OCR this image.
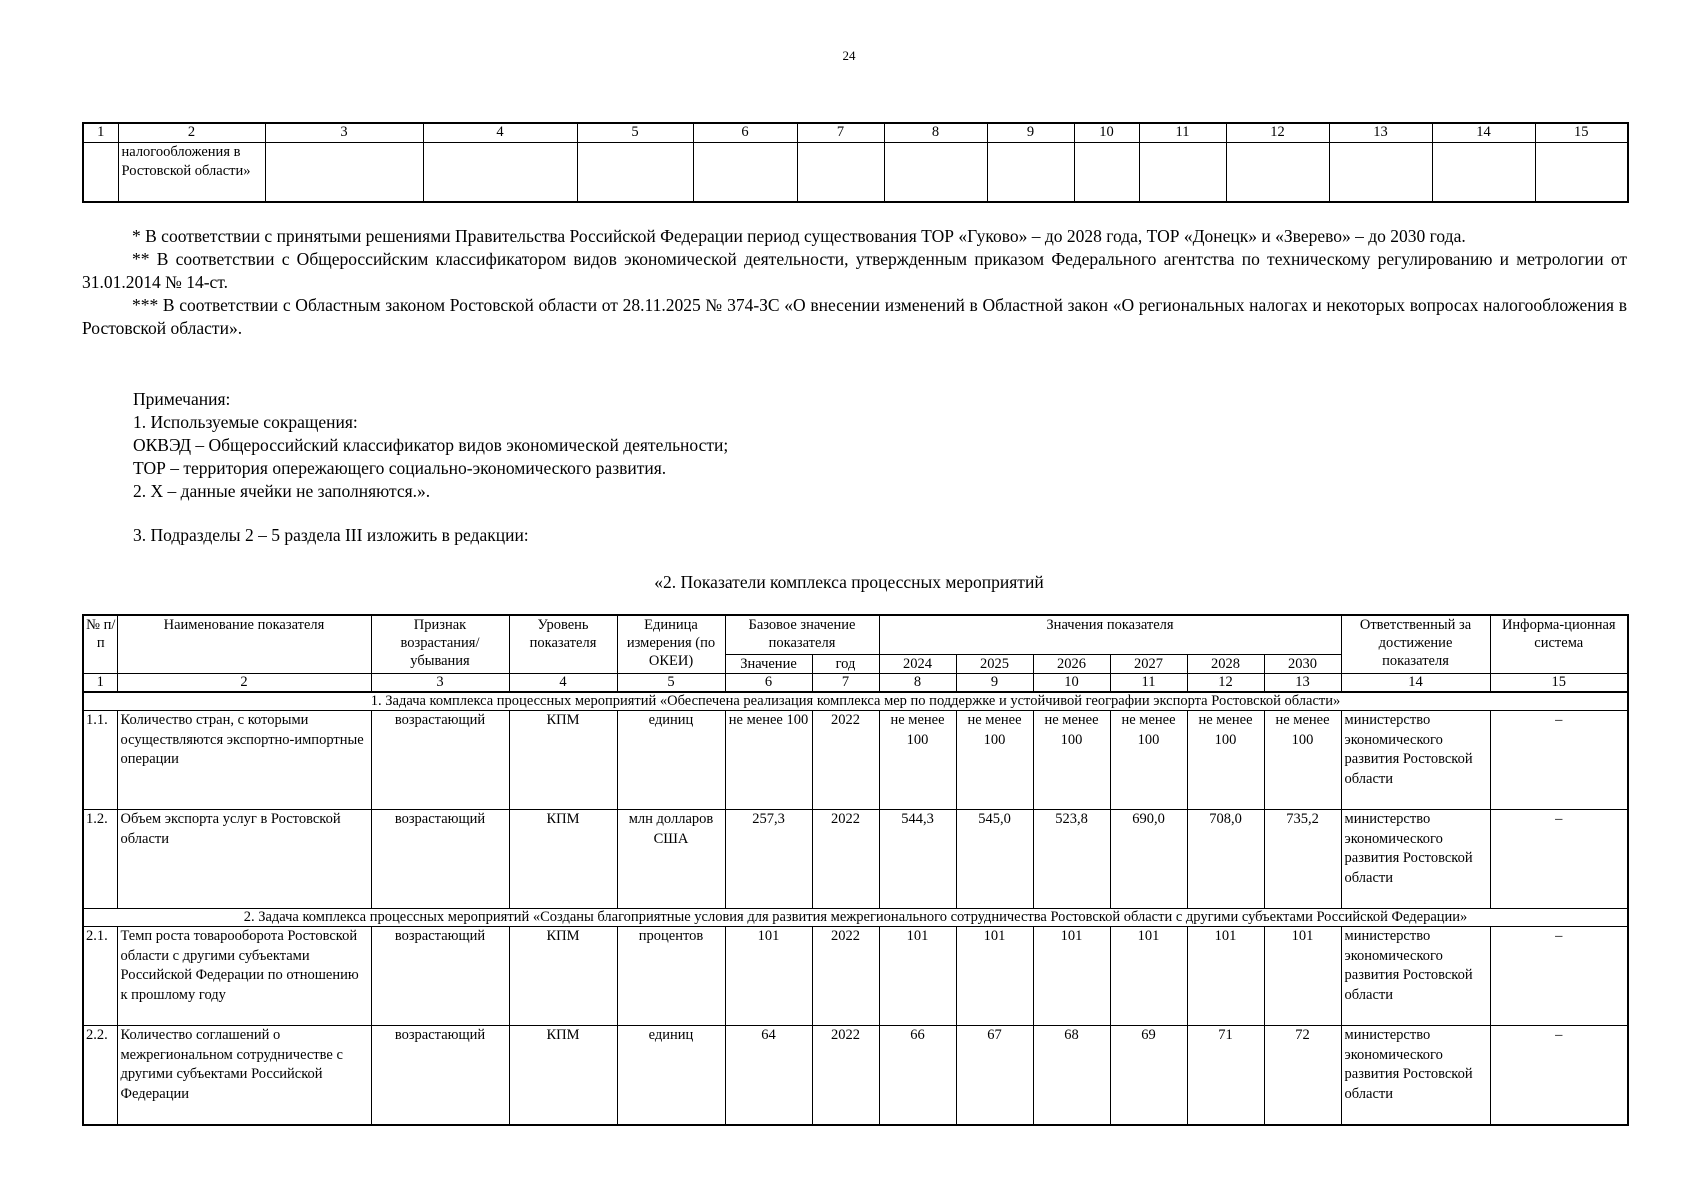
24
1	2	3	4	5	6	7	8	9	10	11	12	13	14	15
	налогообложения в Ростовской области»													

* В соответствии с принятыми решениями Правительства Российской Федерации период существования ТОР «Гуково» – до 2028 года, ТОР «Донецк» и «Зверево» – до 2030 года.

** В соответствии с Общероссийским классификатором видов экономической деятельности, утвержденным приказом Федерального агентства по техническому регулированию и метрологии от 31.01.2014 № 14-ст.

*** В соответствии с Областным законом Ростовской области от 28.11.2025 № 374-ЗС «О внесении изменений в Областной закон «О региональных налогах и некоторых вопросах налогообложения в Ростовской области».

Примечания:

1. Используемые сокращения:

ОКВЭД – Общероссийский классификатор видов экономической деятельности;

ТОР – территория опережающего социально-экономического развития.

2. Х – данные ячейки не заполняются.».

3. Подразделы 2 – 5 раздела III изложить в редакции:

«2. Показатели комплекса процессных мероприятий

№ п/п	Наименование показателя	Признак возрастания/ убывания	Уровень показателя	Единица измерения (по ОКЕИ)	Базовое значение показателя		Значения показателя						Ответственный за достижение показателя	Информа-ционная система
					Значение	год	2024	2025	2026	2027	2028	2030		
1	2	3	4	5	6	7	8	9	10	11	12	13	14	15
1. Задача комплекса процессных мероприятий «Обеспечена реализация комплекса мер по поддержке и устойчивой географии экспорта Ростовской области»														
1.1.	Количество стран, с которыми осуществляются экспортно-импортные операции	возрастающий	КПМ	единиц	не менее 100	2022	не менее 100	не менее 100	не менее 100	не менее 100	не менее 100	не менее 100	министерство экономического развития Ростовской области	–
1.2.	Объем экспорта услуг в Ростовской области	возрастающий	КПМ	млн долларов США	257,3	2022	544,3	545,0	523,8	690,0	708,0	735,2	министерство экономического развития Ростовской области	–
2. Задача комплекса процессных мероприятий «Созданы благоприятные условия для развития межрегионального сотрудничества Ростовской области с другими субъектами Российской Федерации»														
2.1.	Темп роста товарооборота Ростовской области с другими субъектами Российской Федерации по отношению к прошлому году	возрастающий	КПМ	процентов	101	2022	101	101	101	101	101	101	министерство экономического развития Ростовской области	–
2.2.	Количество соглашений о межрегиональном сотрудничестве с другими субъектами Российской Федерации	возрастающий	КПМ	единиц	64	2022	66	67	68	69	71	72	министерство экономического развития Ростовской области	–
